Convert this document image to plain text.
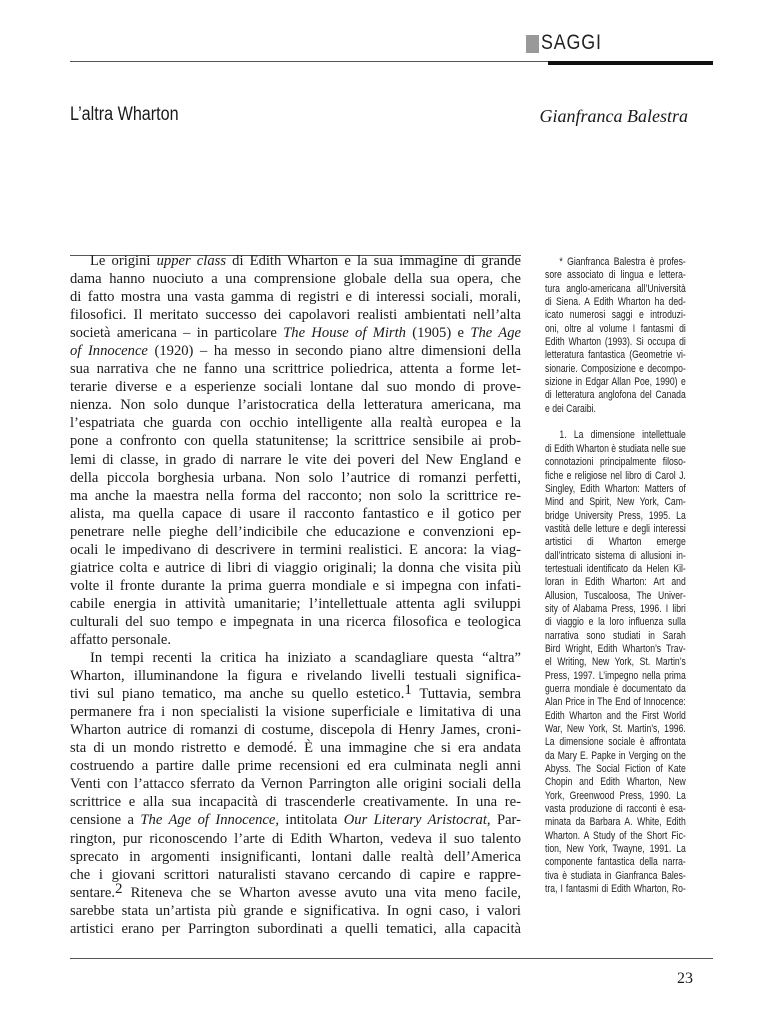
SAGGI
L’altra Wharton	Gianfranca Balestra
Le origini upper class di Edith Wharton e la sua immagine di grande
dama hanno nuociuto a una comprensione globale della sua opera, che
di fatto mostra una vasta gamma di registri e di interessi sociali, morali,
filosofici. Il meritato successo dei capolavori realisti ambientati nell’alta
società americana – in particolare The House of Mirth (1905) e The Age
of Innocence (1920) – ha messo in secondo piano altre dimensioni della
sua narrativa che ne fanno una scrittrice poliedrica, attenta a forme let-
terarie diverse e a esperienze sociali lontane dal suo mondo di prove-
nienza. Non solo dunque l’aristocratica della letteratura americana, ma
l’espatriata che guarda con occhio intelligente alla realtà europea e la
pone a confronto con quella statunitense; la scrittrice sensibile ai prob-
lemi di classe, in grado di narrare le vite dei poveri del New England e
della piccola borghesia urbana. Non solo l’autrice di romanzi perfetti,
ma anche la maestra nella forma del racconto; non solo la scrittrice re-
alista, ma quella capace di usare il racconto fantastico e il gotico per
penetrare nelle pieghe dell’indicibile che educazione e convenzioni ep-
ocali le impedivano di descrivere in termini realistici. E ancora: la viag-
giatrice colta e autrice di libri di viaggio originali; la donna che visita più
volte il fronte durante la prima guerra mondiale e si impegna con infati-
cabile energia in attività umanitarie; l’intellettuale attenta agli sviluppi
culturali del suo tempo e impegnata in una ricerca filosofica e teologica
affatto personale.
In tempi recenti la critica ha iniziato a scandagliare questa “altra”
Wharton, illuminandone la figura e rivelando livelli testuali significa-
tivi sul piano tematico, ma anche su quello estetico.$^1$ Tuttavia, sembra
permanere fra i non specialisti la visione superficiale e limitativa di una
Wharton autrice di romanzi di costume, discepola di Henry James, croni-
sta di un mondo ristretto e demodé. È una immagine che si era andata
costruendo a partire dalle prime recensioni ed era culminata negli anni
Venti con l’attacco sferrato da Vernon Parrington alle origini sociali della
scrittrice e alla sua incapacità di trascenderle creativamente. In una re-
censione a The Age of Innocence, intitolata Our Literary Aristocrat, Par-
rington, pur riconoscendo l’arte di Edith Wharton, vedeva il suo talento
sprecato in argomenti insignificanti, lontani dalle realtà dell’America
che i giovani scrittori naturalisti stavano cercando di capire e rappre-
sentare.$^2$ Riteneva che se Wharton avesse avuto una vita meno facile,
sarebbe stata un’artista più grande e significativa. In ogni caso, i valori
artistici erano per Parrington subordinati a quelli tematici, alla capacità
* Gianfranca Balestra è profes-
sore associato di lingua e lettera-
tura anglo-americana all’Università
di Siena. A Edith Wharton ha ded-
icato numerosi saggi e introduzi-
oni, oltre al volume I fantasmi di
Edith Wharton (1993). Si occupa di
letteratura fantastica (Geometrie vi-
sionarie. Composizione e decompo-
sizione in Edgar Allan Poe, 1990) e
di letteratura anglofona del Canada
e dei Caraibi.
1. La dimensione intellettuale
di Edith Wharton è studiata nelle sue
connotazioni principalmente filoso-
fiche e religiose nel libro di Carol J.
Singley, Edith Wharton: Matters of
Mind and Spirit, New York, Cam-
bridge University Press, 1995. La
vastità delle letture e degli interessi
artistici di Wharton emerge
dall’intricato sistema di allusioni in-
tertestuali identificato da Helen Kil-
loran in Edith Wharton: Art and
Allusion, Tuscaloosa, The Univer-
sity of Alabama Press, 1996. I libri
di viaggio e la loro influenza sulla
narrativa sono studiati in Sarah
Bird Wright, Edith Wharton’s Trav-
el Writing, New York, St. Martin’s
Press, 1997. L’impegno nella prima
guerra mondiale è documentato da
Alan Price in The End of Innocence:
Edith Wharton and the First World
War, New York, St. Martin’s, 1996.
La dimensione sociale è affrontata
da Mary E. Papke in Verging on the
Abyss. The Social Fiction of Kate
Chopin and Edith Wharton, New
York, Greenwood Press, 1990. La
vasta produzione di racconti è esa-
minata da Barbara A. White, Edith
Wharton. A Study of the Short Fic-
tion, New York, Twayne, 1991. La
componente fantastica della narra-
tiva è studiata in Gianfranca Bales-
tra, I fantasmi di Edith Wharton, Ro-
23
